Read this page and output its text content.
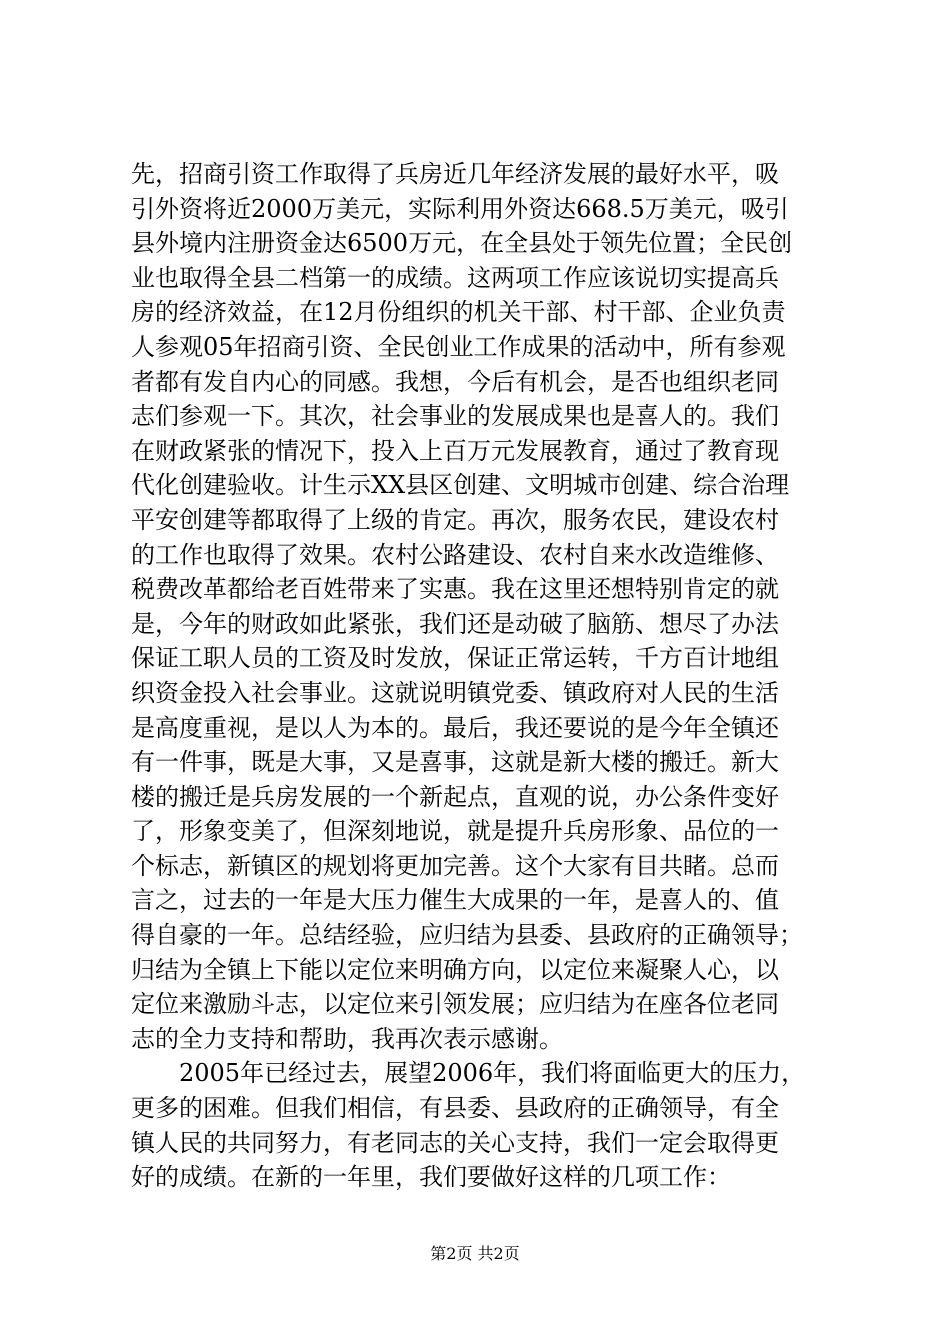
先，招商引资工作取得了兵房近几年经济发展的最好水平，吸
引外资将近2000万美元，实际利用外资达668.5万美元，吸引
县外境内注册资金达6500万元，在全县处于领先位置；全民创
业也取得全县二档第一的成绩。这两项工作应该说切实提高兵
房的经济效益，在12月份组织的机关干部、村干部、企业负责
人参观05年招商引资、全民创业工作成果的活动中，所有参观
者都有发自内心的同感。我想，今后有机会，是否也组织老同
志们参观一下。其次，社会事业的发展成果也是喜人的。我们
在财政紧张的情况下，投入上百万元发展教育，通过了教育现
代化创建验收。计生示XX县区创建、文明城市创建、综合治理
平安创建等都取得了上级的肯定。再次，服务农民，建设农村
的工作也取得了效果。农村公路建设、农村自来水改造维修、
税费改革都给老百姓带来了实惠。我在这里还想特别肯定的就
是，今年的财政如此紧张，我们还是动破了脑筋、想尽了办法
保证工职人员的工资及时发放，保证正常运转，千方百计地组
织资金投入社会事业。这就说明镇党委、镇政府对人民的生活
是高度重视，是以人为本的。最后，我还要说的是今年全镇还
有一件事，既是大事，又是喜事，这就是新大楼的搬迁。新大
楼的搬迁是兵房发展的一个新起点，直观的说，办公条件变好
了，形象变美了，但深刻地说，就是提升兵房形象、品位的一
个标志，新镇区的规划将更加完善。这个大家有目共睹。总而
言之，过去的一年是大压力催生大成果的一年，是喜人的、值
得自豪的一年。总结经验，应归结为县委、县政府的正确领导；
归结为全镇上下能以定位来明确方向，以定位来凝聚人心，以
定位来激励斗志，以定位来引领发展；应归结为在座各位老同
志的全力支持和帮助，我再次表示感谢。
2005年已经过去，展望2006年，我们将面临更大的压力，
更多的困难。但我们相信，有县委、县政府的正确领导，有全
镇人民的共同努力，有老同志的关心支持，我们一定会取得更
好的成绩。在新的一年里，我们要做好这样的几项工作：
第2页 共2页
